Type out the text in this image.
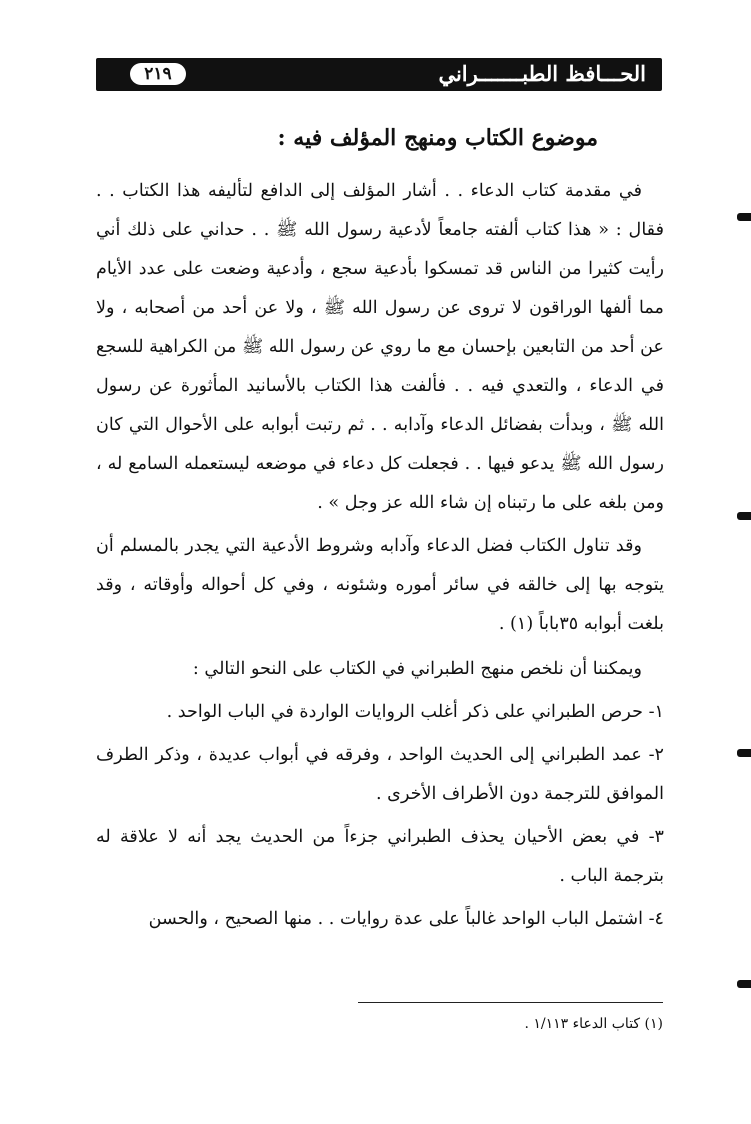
الحـــافظ الطبـــــــراني
٢١٩
موضوع الكتاب ومنهج المؤلف فيه :

في مقدمة كتاب الدعاء . . أشار المؤلف إلى الدافع لتأليفه هذا الكتاب . . فقال : « هذا كتاب ألفته جامعاً لأدعية رسول الله ﷺ . . حداني على ذلك أني رأيت كثيرا من الناس قد تمسكوا بأدعية سجع ، وأدعية وضعت على عدد الأيام مما ألفها الوراقون لا تروى عن رسول الله ﷺ ، ولا عن أحد من أصحابه ، ولا عن أحد من التابعين بإحسان مع ما روي عن رسول الله ﷺ من الكراهية للسجع في الدعاء ، والتعدي فيه . . فألفت هذا الكتاب بالأسانيد المأثورة عن رسول الله ﷺ ، وبدأت بفضائل الدعاء وآدابه . . ثم رتبت أبوابه على الأحوال التي كان رسول الله ﷺ يدعو فيها . . فجعلت كل دعاء في موضعه ليستعمله السامع له ، ومن بلغه على ما رتبناه إن شاء الله عز وجل » .

وقد تناول الكتاب فضل الدعاء وآدابه وشروط الأدعية التي يجدر بالمسلم أن يتوجه بها إلى خالقه في سائر أموره وشئونه ، وفي كل أحواله وأوقاته ، وقد بلغت أبوابه ٣٥باباً (١) .

ويمكننا أن نلخص منهج الطبراني في الكتاب على النحو التالي :

١- حرص الطبراني على ذكر أغلب الروايات الواردة في الباب الواحد .

٢- عمد الطبراني إلى الحديث الواحد ، وفرقه في أبواب عديدة ، وذكر الطرف الموافق للترجمة دون الأطراف الأخرى .

٣- في بعض الأحيان يحذف الطبراني جزءاً من الحديث يجد أنه لا علاقة له بترجمة الباب .

٤- اشتمل الباب الواحد غالباً على عدة روايات . . منها الصحيح ، والحسن

(١) كتاب الدعاء ١/١١٣ .
